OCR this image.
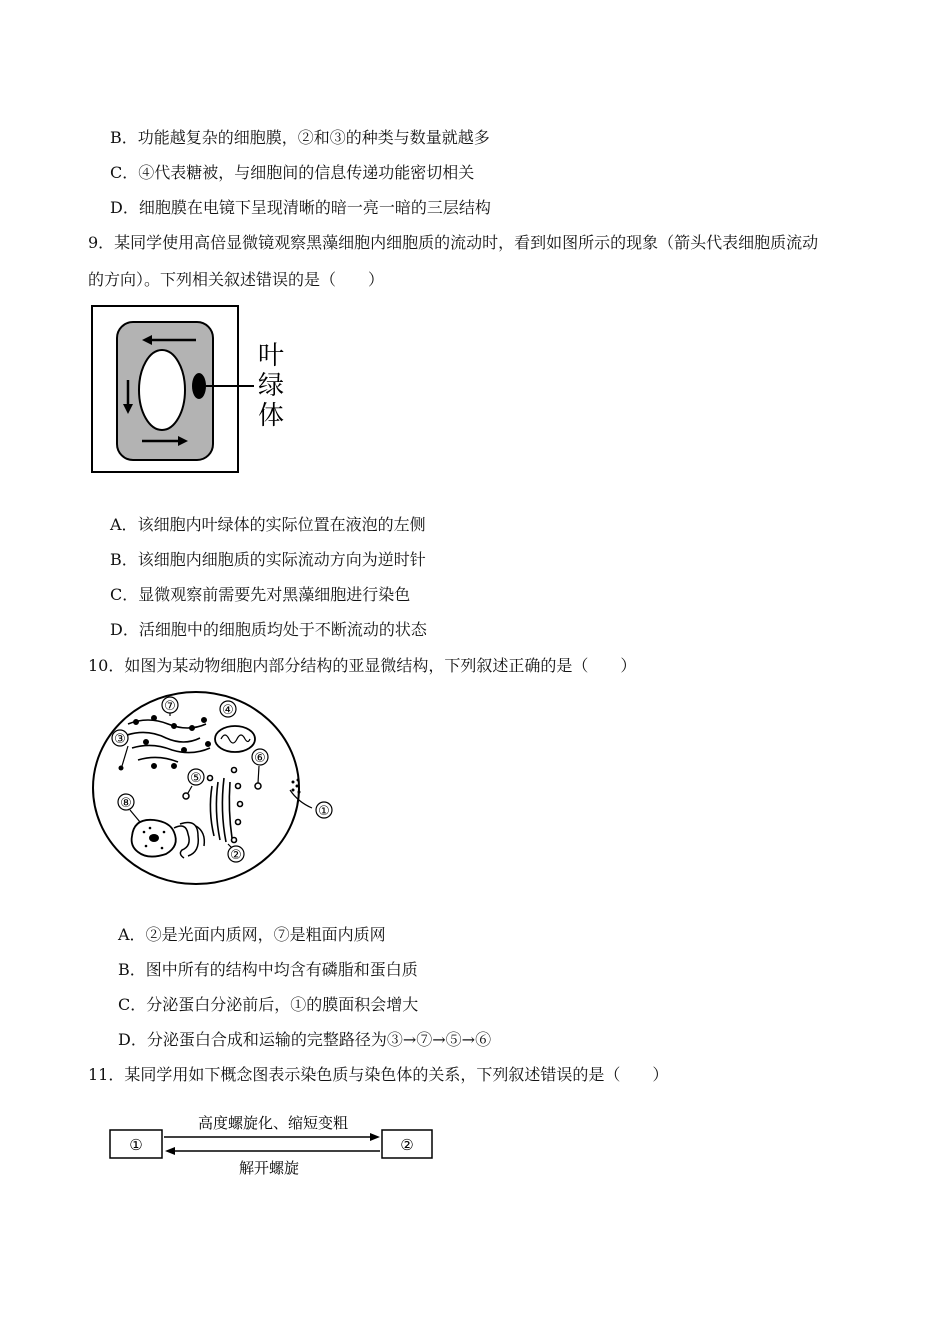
B．功能越复杂的细胞膜，②和③的种类与数量就越多
C．④代表糖被，与细胞间的信息传递功能密切相关
D．细胞膜在电镜下呈现清晰的暗一亮一暗的三层结构
9．某同学使用高倍显微镜观察黑藻细胞内细胞质的流动时，看到如图所示的现象（箭头代表细胞质流动
的方向）。下列相关叙述错误的是（　　）
叶
绿
体
A．该细胞内叶绿体的实际位置在液泡的左侧
B．该细胞内细胞质的实际流动方向为逆时针
C．显微观察前需要先对黑藻细胞进行染色
D．活细胞中的细胞质均处于不断流动的状态
10．如图为某动物细胞内部分结构的亚显微结构，下列叙述正确的是（　　）
⑦
③
④
⑤
⑥
②
⑧
①
A．②是光面内质网，⑦是粗面内质网
B．图中所有的结构中均含有磷脂和蛋白质
C．分泌蛋白分泌前后，①的膜面积会增大
D．分泌蛋白合成和运输的完整路径为③→⑦→⑤→⑥
11．某同学用如下概念图表示染色质与染色体的关系，下列叙述错误的是（　　）
①	②
高度螺旋化、缩短变粗
解开螺旋
